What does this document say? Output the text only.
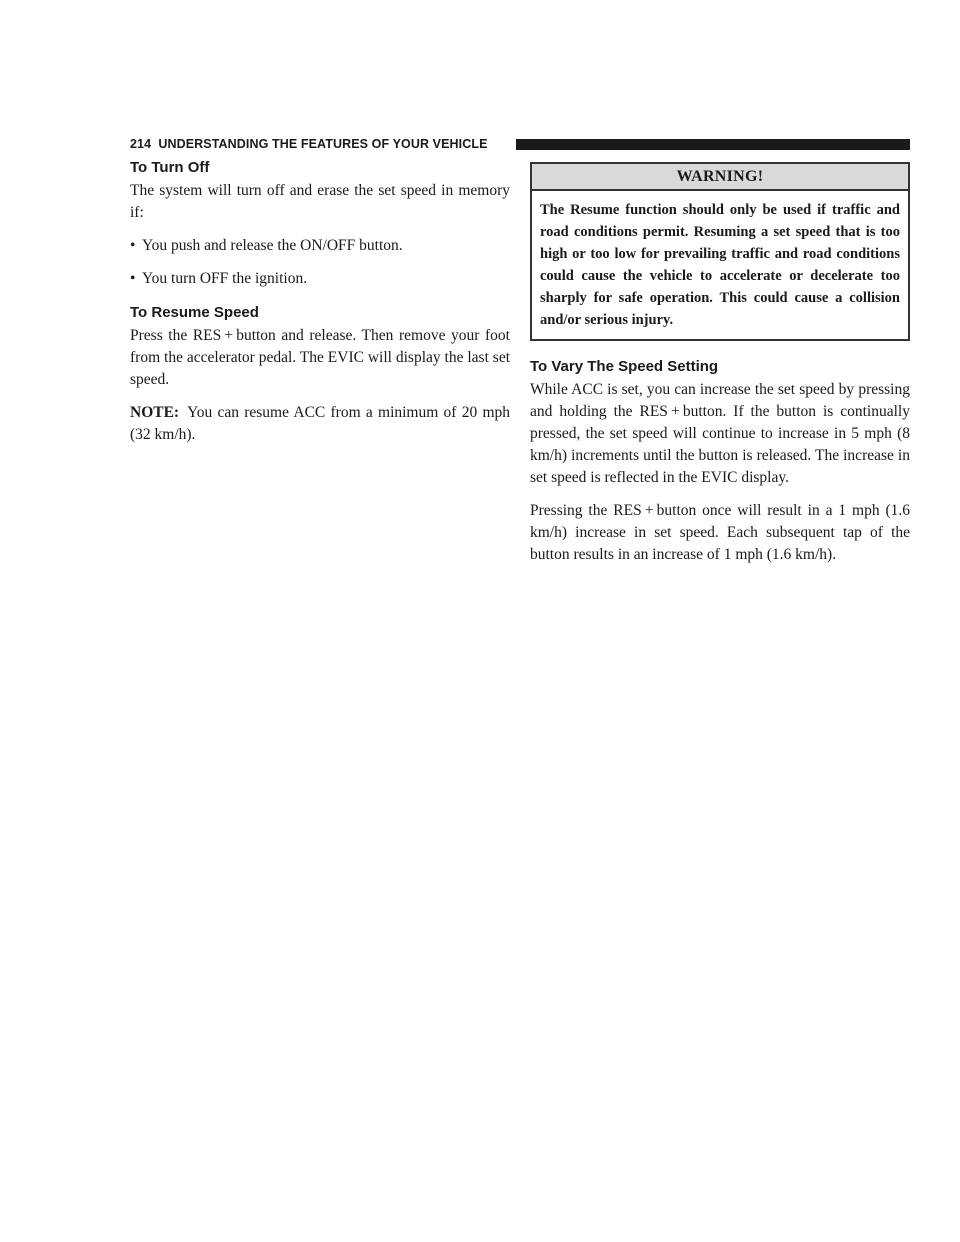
214 UNDERSTANDING THE FEATURES OF YOUR VEHICLE
To Turn Off

The system will turn off and erase the set speed in memory if:

• You push and release the ON/OFF button.
• You turn OFF the ignition.
To Resume Speed

Press the RES + button and release. Then remove your foot from the accelerator pedal. The EVIC will display the last set speed.

NOTE: You can resume ACC from a minimum of 20 mph (32 km/h).

WARNING!
The Resume function should only be used if traffic and road conditions permit. Resuming a set speed that is too high or too low for prevailing traffic and road conditions could cause the vehicle to accelerate or decelerate too sharply for safe operation. This could cause a collision and/or serious injury.
To Vary The Speed Setting

While ACC is set, you can increase the set speed by pressing and holding the RES + button. If the button is continually pressed, the set speed will continue to increase in 5 mph (8 km/h) increments until the button is released. The increase in set speed is reflected in the EVIC display.

Pressing the RES + button once will result in a 1 mph (1.6 km/h) increase in set speed. Each subsequent tap of the button results in an increase of 1 mph (1.6 km/h).
